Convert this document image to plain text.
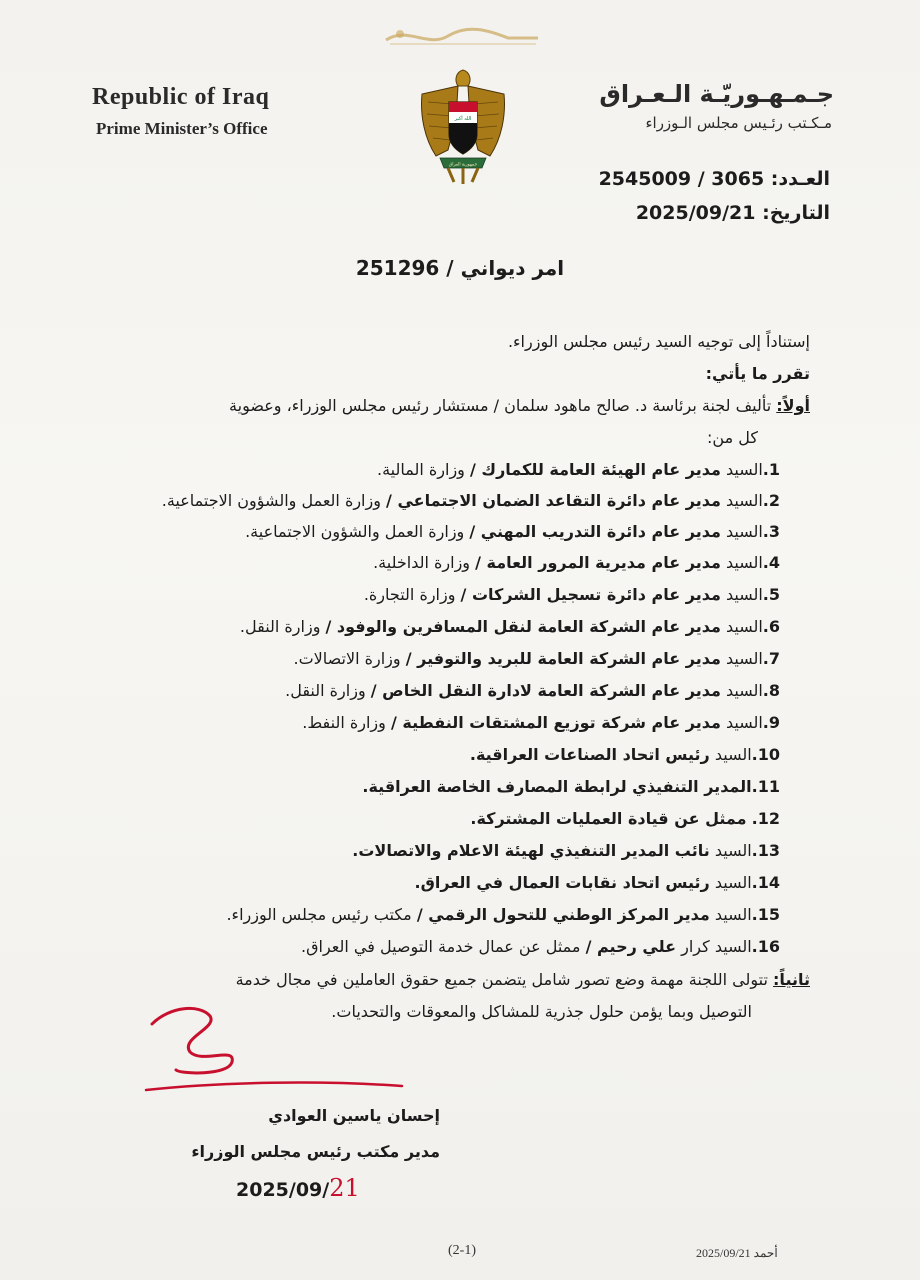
Republic of Iraq
Prime Minister’s Office	الله أكبر
جمهورية العراق
جـمـهـوريّـة الـعـراق
مـكـتب رئـيس مجلس الـوزراء
العـدد: 2545009 / 3065
التاريخ: 2025/09/21
امر ديواني / 251296
إستناداً إلى توجيه السيد رئيس مجلس الوزراء.
تقرر ما يأتي:
أولاً: تأليف لجنة برئاسة د. صالح ماهود سلمان / مستشار رئيس مجلس الوزراء، وعضوية
كل من:
1.السيد مدير عام الهيئة العامة للكمارك / وزارة المالية.
2.السيد مدير عام دائرة التقاعد الضمان الاجتماعي / وزارة العمل والشؤون الاجتماعية.
3.السيد مدير عام دائرة التدريب المهني / وزارة العمل والشؤون الاجتماعية.
4.السيد مدير عام مديرية المرور العامة / وزارة الداخلية.
5.السيد مدير عام دائرة تسجيل الشركات / وزارة التجارة.
6.السيد مدير عام الشركة العامة لنقل المسافرين والوفود / وزارة النقل.
7.السيد مدير عام الشركة العامة للبريد والتوفير / وزارة الاتصالات.
8.السيد مدير عام الشركة العامة لادارة النقل الخاص / وزارة النقل.
9.السيد مدير عام شركة توزيع المشتقات النفطية / وزارة النفط.
10.السيد رئيس اتحاد الصناعات العراقية.
11.المدير التنفيذي لرابطة المصارف الخاصة العراقية.
12. ممثل عن قيادة العمليات المشتركة.
13.السيد نائب المدير التنفيذي لهيئة الاعلام والاتصالات.
14.السيد رئيس اتحاد نقابات العمال في العراق.
15.السيد مدير المركز الوطني للتحول الرقمي / مكتب رئيس مجلس الوزراء.
16.السيد كرار علي رحيم / ممثل عن عمال خدمة التوصيل في العراق.
ثانياً: تتولى اللجنة مهمة وضع تصور شامل يتضمن جميع حقوق العاملين في مجال خدمة
التوصيل وبما يؤمن حلول جذرية للمشاكل والمعوقات والتحديات.
إحسان ياسين العوادي
مدير مكتب رئيس مجلس الوزراء
2025/09/21
(2-1)	أحمد 2025/09/21
